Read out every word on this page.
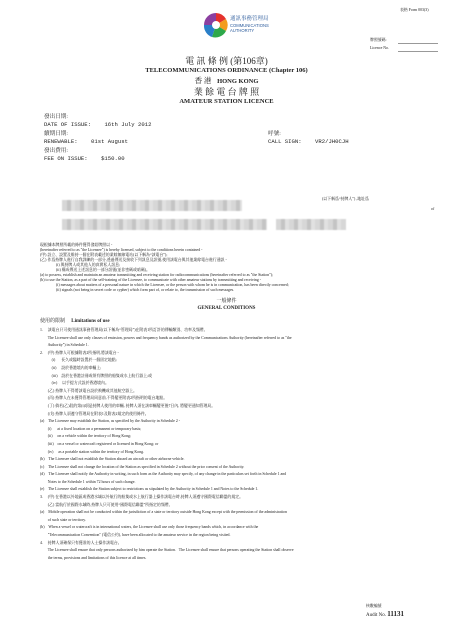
表格 Form 003(3)
通訊事務管理局
COMMUNICATIONS
AUTHORITY
牌照號碼:
Licence No.
電 訊 條 例 (第106章)
TELECOMMUNICATIONS ORDINANCE (Chapter 106)
香 港 HONG KONG
業 餘 電 台 牌 照
AMATEUR STATION LICENCE
發出日期:
DATE OF ISSUE: 16th July 2012
續期日期:
RENEWABLE: 01st August
發出費用:
FEE ON ISSUE: $150.00
呼號:
CALL SIGN: VR2/JH0CJH
(以下稱爲“持牌人”) ,地址爲
of
現根據本牌照所載的條件獲得發給牌照以 -
(hereinafter referred to as "the Licensee") is hereby licensed, subject to the conditions herein contained -
(甲) 設立、設置及維持一個在附表載述的業餘無線電站(以下稱為“該電台”);
(乙) 作爲持牌人進行自我訓練的一部分,透過傳送及接收下列訊息及訊號,使用該電台與其他業餘電台進行通訊 -
(i) 與持牌人或其他人的真實私人訊息;
(ii) 構成傳送上述訊息的一部分訊號(並非密碼或暗碼)。
(a) to possess, establish and maintain an amateur transmitting and receiving station for radiocommunications (hereinafter referred to as "the Station");
(b) to use the Station, as a part of the self-training of the Licensee, to communicate with other amateur stations by transmitting and receiving -
(i) messages about matters of a personal nature in which the Licensee, or the person with whom he is in communication, has been directly concerned;
(ii) signals (not being in secret code or cypher) which form part of, or relate to, the transmission of such messages.
一般條件
GENERAL CONDITIONS
使用的限制 Limitations of use
1.     該電台只可使用通訊事務管理局(以下稱為“管理局”)在附表1所訂許的傳輸類別、功率及頻帶。
The Licensee shall use only classes of emission, powers and frequency bands as authorized by the Communications Authority (hereinafter referred to as "the
Authority") in Schedule 1.
2.     (甲) 持牌人可根據附表2所指明,將該電台 -
(i)      長久或臨時設置於一個固定地點;
(ii)     設於香港境內的車輛上;
(iii)    設於在香港註冊或領有牌照的船隻或水上航行器上;或
(iv)     以手提方式設於香港境內。
(乙) 持牌人不得將該電台設於飛機或其他航空器上。
(丙) 持牌人在未獲得管理局同意前,不得變更附表2所指明的電台地點。
(丁) 倘若(乙)段的第(i)項是持牌人使用的車輛, 持牌人須在該車輛變更後7日內, 將變更通知管理局。
(戊) 持牌人須遵守管理局在附表1及附表2規定的使用條件。
(a)    The Licensee may establish the Station, as specified by the Authority in Schedule 2 -
(i)      at a fixed location on a permanent or temporary basis;
(ii)     on a vehicle within the territory of Hong Kong;
(iii)    on a vessel or watercraft registered or licensed in Hong Kong; or
(iv)     as a portable station within the territory of Hong Kong.
(b)    The Licensee shall not establish the Station aboard an aircraft or other airborne vehicle.
(c)    The Licensee shall not change the location of the Station as specified in Schedule 2 without the prior consent of the Authority.
(d)    The Licensee shall notify the Authority in writing, in such form as the Authority may specify, of any change in the particulars set forth in Schedule 1 and
Notes to the Schedule 1 within 72 hours of such change.
(e)    The Licensee shall establish the Station subject to restrictions as stipulated by the Authority in Schedule 1 and Notes to the Schedule 1.
3.     (甲) 在香港以外地區或香港水域以外航行的船隻或水上航行器上操作該電台時,持牌人須遵守國際電信聯盟的規定。
(乙) 當航行於國際水域時,持牌人只可使用“國際電信聯盟”所指定的頻帶。
(a)    Mobile operation shall not be conducted within the jurisdiction of a state or territory outside Hong Kong except with the permission of the administration
of such state or territory.
(b)    When a vessel or watercraft is in international waters, the Licensee shall use only those frequency bands which, in accordance with the
"Telecommunication Convention" (電信公約), have been allocated to the amateur service in the region being visited.
4.     持牌人須確保只有獲准的人士操作該電台。
The Licensee shall ensure that only persons authorized by him operate the Station.   The Licensee shall ensure that persons operating the Station shall observe
the terms, provisions and limitations of this licence at all times.
核數編號
Audit No. 11131
